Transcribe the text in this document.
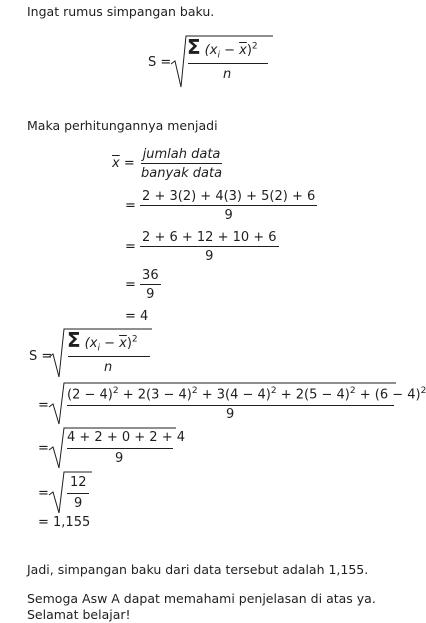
Ingat rumus simpangan baku.
S =
Σ $(x_i - \overline{x})^2$
n
Maka perhitungannya menjadi
$\overline{x} = \frac{\text{jumlah data}}{\text{banyak data}}$
= $\frac{2 + 3(2) + 4(3) + 5(2) + 6}{9}$
= $\frac{2 + 6 + 12 + 10 + 6}{9}$
= $\frac{36}{9}$
= 4
S =
Σ $(x_i - \overline{x})^2$
n
=
$(2 - 4)^2 + 2(3 - 4)^2 + 3(4 - 4)^2 + 2(5 - 4)^2 + (6 - 4)^2$
9
=
4 + 2 + 0 + 2 + 4
9
=
12
9
= 1,155
Jadi, simpangan baku dari data tersebut adalah 1,155.
Semoga Asw A dapat memahami penjelasan di atas ya.
Selamat belajar!
